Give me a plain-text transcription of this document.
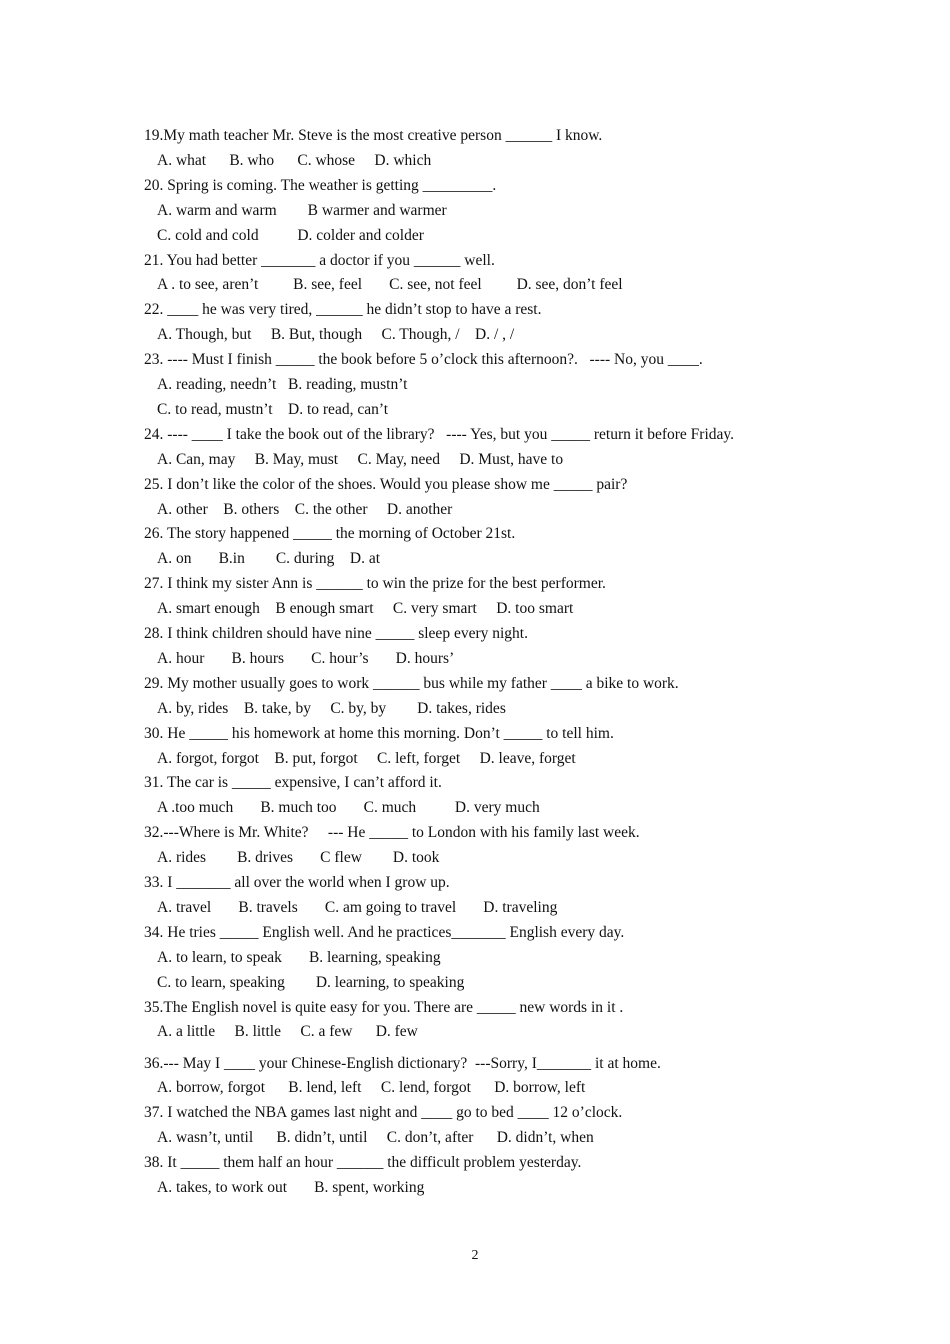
19.My math teacher Mr. Steve is the most creative person ______ I know.
A. what      B. who      C. whose     D. which
20. Spring is coming. The weather is getting _________.
A. warm and warm        B warmer and warmer
C. cold and cold          D. colder and colder
21. You had better _______ a doctor if you ______ well.
A . to see, aren’t         B. see, feel       C. see, not feel         D. see, don’t feel
22. ____ he was very tired, ______ he didn’t stop to have a rest.
A. Though, but     B. But, though     C. Though, /    D. / , /
23. ---- Must I finish _____ the book before 5 o’clock this afternoon?.   ---- No, you ____.
A. reading, needn’t   B. reading, mustn’t
C. to read, mustn’t    D. to read, can’t
24. ---- ____ I take the book out of the library?   ---- Yes, but you _____ return it before Friday.
A. Can, may     B. May, must     C. May, need     D. Must, have to
25. I don’t like the color of the shoes. Would you please show me _____ pair?
A. other    B. others    C. the other     D. another
26. The story happened _____ the morning of October 21st.
A. on       B.in        C. during    D. at
27. I think my sister Ann is ______ to win the prize for the best performer.
A. smart enough    B enough smart     C. very smart     D. too smart
28. I think children should have nine _____ sleep every night.
A. hour       B. hours       C. hour’s       D. hours’
29. My mother usually goes to work ______ bus while my father ____ a bike to work.
A. by, rides    B. take, by     C. by, by        D. takes, rides
30. He _____ his homework at home this morning. Don’t _____ to tell him.
A. forgot, forgot    B. put, forgot     C. left, forget     D. leave, forget
31. The car is _____ expensive, I can’t afford it.
A .too much       B. much too       C. much          D. very much
32.---Where is Mr. White?     --- He _____ to London with his family last week.
A. rides        B. drives       C flew        D. took
33. I _______ all over the world when I grow up.
A. travel       B. travels       C. am going to travel       D. traveling
34. He tries _____ English well. And he practices_______ English every day.
A. to learn, to speak       B. learning, speaking
C. to learn, speaking        D. learning, to speaking
35.The English novel is quite easy for you. There are _____ new words in it .
A. a little     B. little     C. a few      D. few
36.--- May I ____ your Chinese-English dictionary?  ---Sorry, I_______ it at home.
A. borrow, forgot      B. lend, left     C. lend, forgot      D. borrow, left
37. I watched the NBA games last night and ____ go to bed ____ 12 o’clock.
A. wasn’t, until      B. didn’t, until     C. don’t, after      D. didn’t, when
38. It _____ them half an hour ______ the difficult problem yesterday.
A. takes, to work out       B. spent, working
2
